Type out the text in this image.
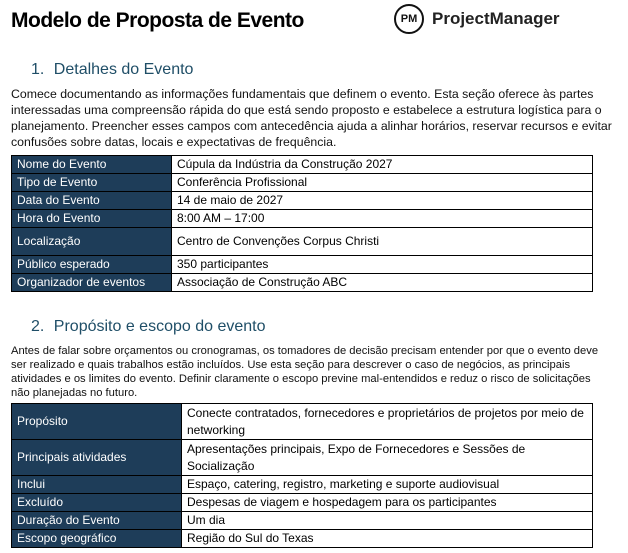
Modelo de Proposta de Evento	PM ProjectManager
1. Detalhes do Evento
Comece documentando as informações fundamentais que definem o evento. Esta seção oferece às partes interessadas uma compreensão rápida do que está sendo proposto e estabelece a estrutura logística para o planejamento. Preencher esses campos com antecedência ajuda a alinhar horários, reservar recursos e evitar confusões sobre datas, locais e expectativas de frequência.
Nome do Evento	Cúpula da Indústria da Construção 2027
Tipo de Evento	Conferência Profissional
Data do Evento	14 de maio de 2027
Hora do Evento	8:00 AM – 17:00
Localização	Centro de Convenções Corpus Christi
Público esperado	350 participantes
Organizador de eventos	Associação de Construção ABC
2. Propósito e escopo do evento
Antes de falar sobre orçamentos ou cronogramas, os tomadores de decisão precisam entender por que o evento deve ser realizado e quais trabalhos estão incluídos. Use esta seção para descrever o caso de negócios, as principais atividades e os limites do evento. Definir claramente o escopo previne mal-entendidos e reduz o risco de solicitações não planejadas no futuro.
Propósito	Conecte contratados, fornecedores e proprietários de projetos por meio de networking
Principais atividades	Apresentações principais, Expo de Fornecedores e Sessões de Socialização
Inclui	Espaço, catering, registro, marketing e suporte audiovisual
Excluído	Despesas de viagem e hospedagem para os participantes
Duração do Evento	Um dia
Escopo geográfico	Região do Sul do Texas
